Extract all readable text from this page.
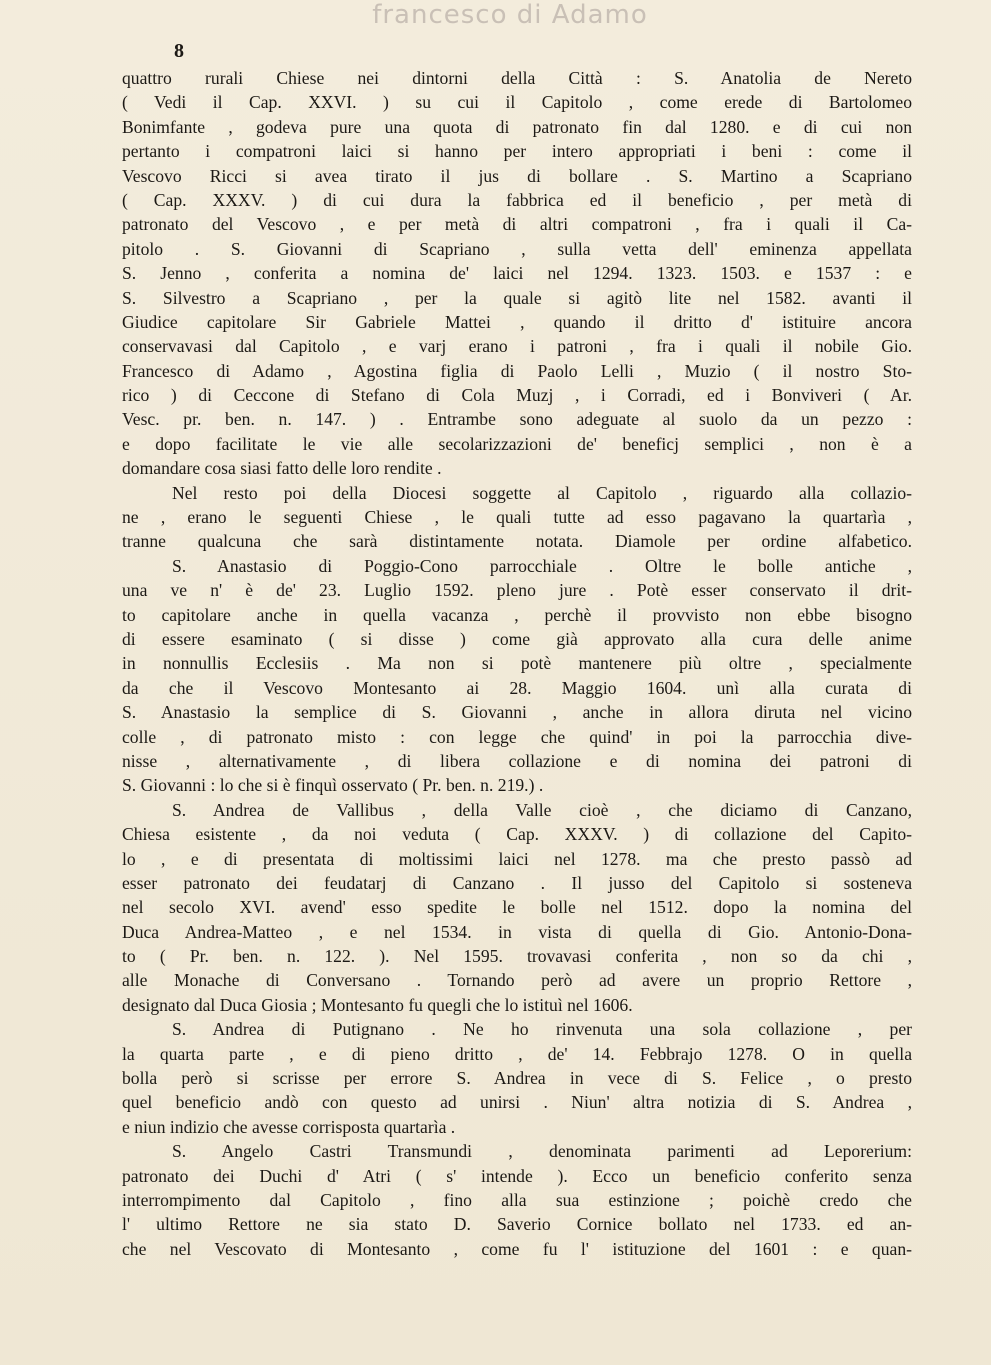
francesco di Adamo
8
quattro rurali Chiese nei dintorni della Città : S. Anatolia de Nereto
( Vedi il Cap. XXVI. ) su cui il Capitolo , come erede di Bartolomeo
Bonimfante , godeva pure una quota di patronato fin dal 1280. e di cui non
pertanto i compatroni laici si hanno per intero appropriati i beni : come il
Vescovo Ricci si avea tirato il jus di bollare . S. Martino a Scapriano
( Cap. XXXV. ) di cui dura la fabbrica ed il beneficio , per metà di
patronato del Vescovo , e per metà di altri compatroni , fra i quali il Ca-
pitolo . S. Giovanni di Scapriano , sulla vetta dell' eminenza appellata
S. Jenno , conferita a nomina de' laici nel 1294. 1323. 1503. e 1537 : e
S. Silvestro a Scapriano , per la quale si agitò lite nel 1582. avanti il
Giudice capitolare Sir Gabriele Mattei , quando il dritto d' istituire ancora
conservavasi dal Capitolo , e varj erano i patroni , fra i quali il nobile Gio.
Francesco di Adamo , Agostina figlia di Paolo Lelli , Muzio ( il nostro Sto-
rico ) di Ceccone di Stefano di Cola Muzj , i Corradi, ed i Bonviveri ( Ar.
Vesc. pr. ben. n. 147. ) . Entrambe sono adeguate al suolo da un pezzo :
e dopo facilitate le vie alle secolarizzazioni de' beneficj semplici , non è a
domandare cosa siasi fatto delle loro rendite .
Nel resto poi della Diocesi soggette al Capitolo , riguardo alla collazio-
ne , erano le seguenti Chiese , le quali tutte ad esso pagavano la quartarìa ,
tranne qualcuna che sarà distintamente notata. Diamole per ordine alfabetico.
S. Anastasio di Poggio-Cono parrocchiale . Oltre le bolle antiche ,
una ve n' è de' 23. Luglio 1592. pleno jure . Potè esser conservato il drit-
to capitolare anche in quella vacanza , perchè il provvisto non ebbe bisogno
di essere esaminato ( si disse ) come già approvato alla cura delle anime
in nonnullis Ecclesiis . Ma non si potè mantenere più oltre , specialmente
da che il Vescovo Montesanto ai 28. Maggio 1604. unì alla curata di
S. Anastasio la semplice di S. Giovanni , anche in allora diruta nel vicino
colle , di patronato misto : con legge che quind' in poi la parrocchia dive-
nisse , alternativamente , di libera collazione e di nomina dei patroni di
S. Giovanni : lo che si è finquì osservato ( Pr. ben. n. 219.) .
S. Andrea de Vallibus , della Valle cioè , che diciamo di Canzano,
Chiesa esistente , da noi veduta ( Cap. XXXV. ) di collazione del Capito-
lo , e di presentata di moltissimi laici nel 1278. ma che presto passò ad
esser patronato dei feudatarj di Canzano . Il jusso del Capitolo si sosteneva
nel secolo XVI. avend' esso spedite le bolle nel 1512. dopo la nomina del
Duca Andrea-Matteo , e nel 1534. in vista di quella di Gio. Antonio-Dona-
to ( Pr. ben. n. 122. ). Nel 1595. trovavasi conferita , non so da chi ,
alle Monache di Conversano . Tornando però ad avere un proprio Rettore ,
designato dal Duca Giosia ; Montesanto fu quegli che lo istituì nel 1606.
S. Andrea di Putignano . Ne ho rinvenuta una sola collazione , per
la quarta parte , e di pieno dritto , de' 14. Febbrajo 1278. O in quella
bolla però si scrisse per errore S. Andrea in vece di S. Felice , o presto
quel beneficio andò con questo ad unirsi . Niun' altra notizia di S. Andrea ,
e niun indizio che avesse corrisposta quartarìa .
S. Angelo Castri Transmundi , denominata parimenti ad Leporerium:
patronato dei Duchi d' Atri ( s' intende ). Ecco un beneficio conferito senza
interrompimento dal Capitolo , fino alla sua estinzione ; poichè credo che
l' ultimo Rettore ne sia stato D. Saverio Cornice bollato nel 1733. ed an-
che nel Vescovato di Montesanto , come fu l' istituzione del 1601 : e quan-
